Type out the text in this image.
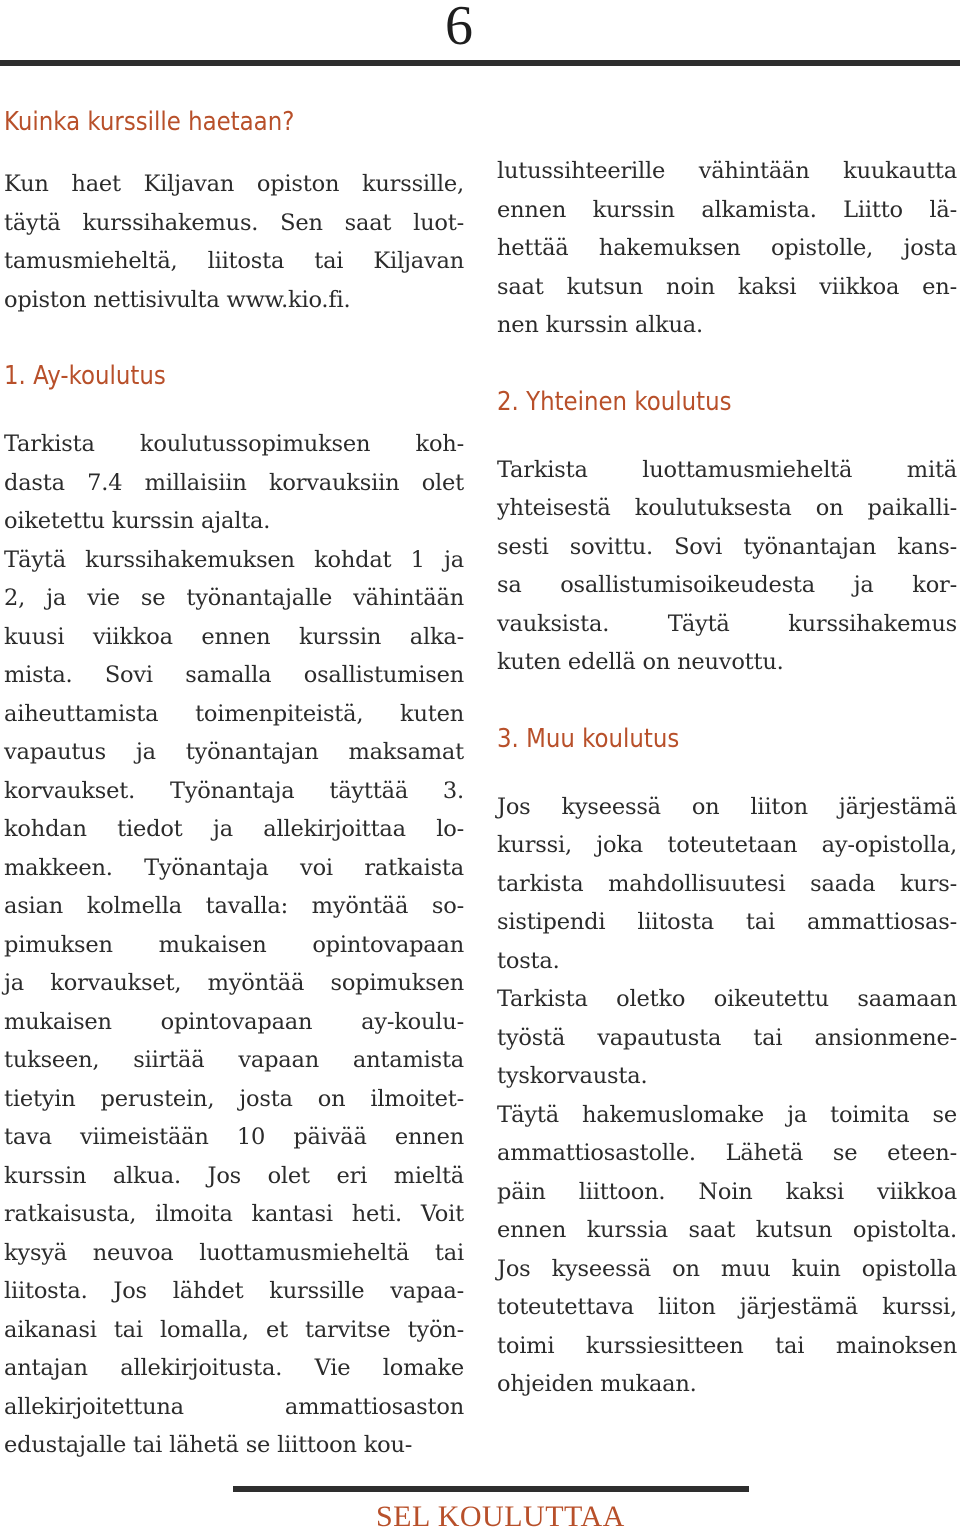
6
Kuinka kurssille haetaan?
Kun haet Kiljavan opiston kurssille,
täytä kurssihakemus. Sen saat luot-
tamusmieheltä, liitosta tai Kiljavan
opiston nettisivulta www.kio.fi.
1. Ay-koulutus
Tarkista koulutussopimuksen koh-
dasta 7.4 millaisiin korvauksiin olet
oiketettu kurssin ajalta.
Täytä kurssihakemuksen kohdat 1 ja
2, ja vie se työnantajalle vähintään
kuusi viikkoa ennen kurssin alka-
mista. Sovi samalla osallistumisen
aiheuttamista toimenpiteistä, kuten
vapautus ja työnantajan maksamat
korvaukset. Työnantaja täyttää 3.
kohdan tiedot ja allekirjoittaa lo-
makkeen. Työnantaja voi ratkaista
asian kolmella tavalla: myöntää so-
pimuksen mukaisen opintovapaan
ja korvaukset, myöntää sopimuksen
mukaisen opintovapaan ay-koulu-
tukseen, siirtää vapaan antamista
tietyin perustein, josta on ilmoitet-
tava viimeistään 10 päivää ennen
kurssin alkua. Jos olet eri mieltä
ratkaisusta, ilmoita kantasi heti. Voit
kysyä neuvoa luottamusmieheltä tai
liitosta. Jos lähdet kurssille vapaa-
aikanasi tai lomalla, et tarvitse työn-
antajan allekirjoitusta. Vie lomake
allekirjoitettuna ammattiosaston
edustajalle tai lähetä se liittoon kou-
lutussihteerille vähintään kuukautta
ennen kurssin alkamista. Liitto lä-
hettää hakemuksen opistolle, josta
saat kutsun noin kaksi viikkoa en-
nen kurssin alkua.
2. Yhteinen koulutus
Tarkista luottamusmieheltä mitä
yhteisestä koulutuksesta on paikalli-
sesti sovittu. Sovi työnantajan kans-
sa osallistumisoikeudesta ja kor-
vauksista. Täytä kurssihakemus
kuten edellä on neuvottu.
3. Muu koulutus
Jos kyseessä on liiton järjestämä
kurssi, joka toteutetaan ay-opistolla,
tarkista mahdollisuutesi saada kurs-
sistipendi liitosta tai ammattiosas-
tosta.
Tarkista oletko oikeutettu saamaan
työstä vapautusta tai ansionmene-
tyskorvausta.
Täytä hakemuslomake ja toimita se
ammattiosastolle. Lähetä se eteen-
päin liittoon. Noin kaksi viikkoa
ennen kurssia saat kutsun opistolta.
Jos kyseessä on muu kuin opistolla
toteutettava liiton järjestämä kurssi,
toimi kurssiesitteen tai mainoksen
ohjeiden mukaan.
SEL KOULUTTAA
